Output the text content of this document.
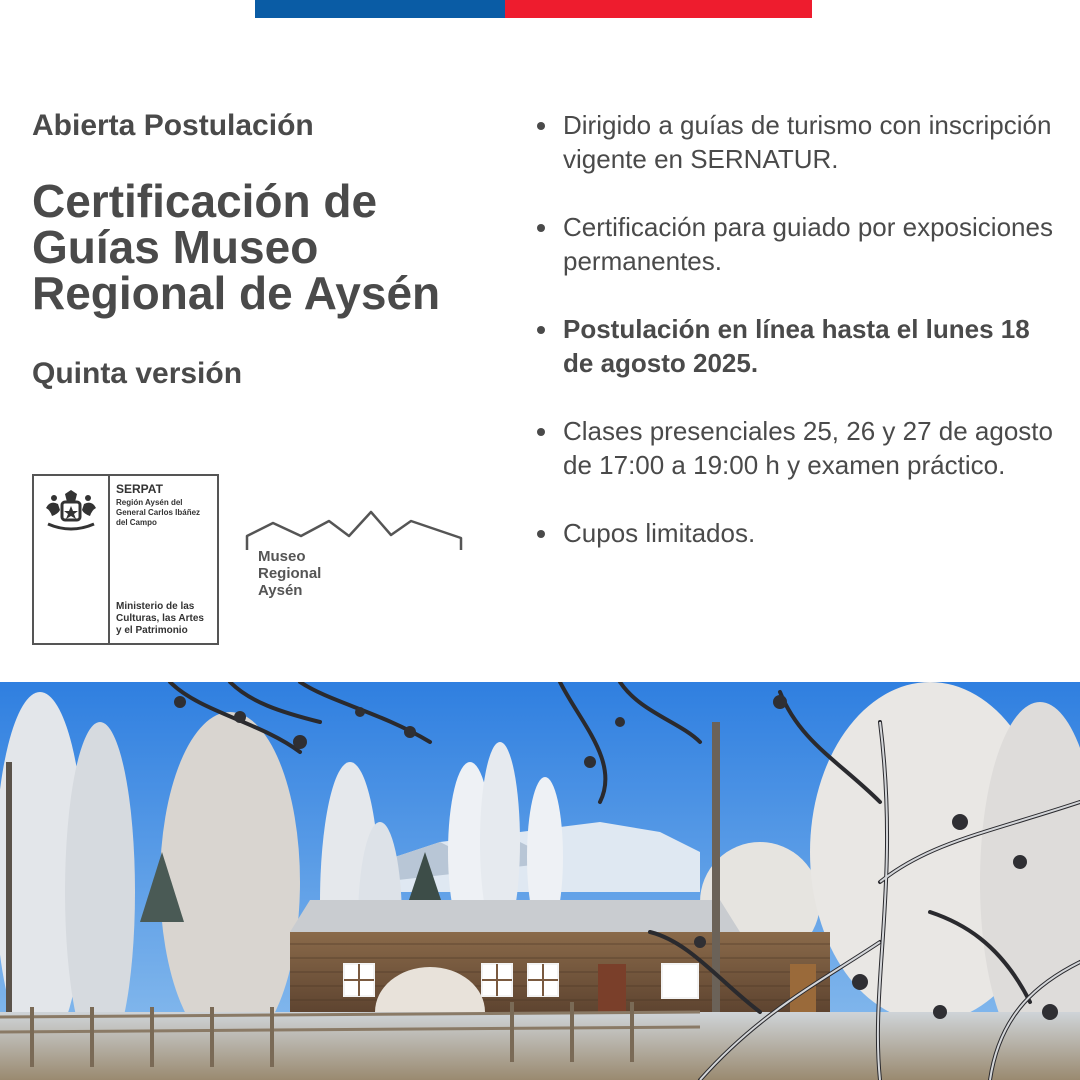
Abierta Postulación
Certificación de Guías Museo Regional de Aysén
Quinta versión
Dirigido a guías de turismo con inscripción vigente en SERNATUR.
Certificación para guiado por exposiciones permanentes.
Postulación en línea hasta el lunes 18 de agosto 2025.
Clases presenciales 25, 26 y 27 de agosto de 17:00 a 19:00 h y examen práctico.
Cupos limitados.
SERPAT
Región Aysén del General Carlos Ibáñez del Campo
Ministerio de las Culturas, las Artes y el Patrimonio
Museo
Regional
Aysén
